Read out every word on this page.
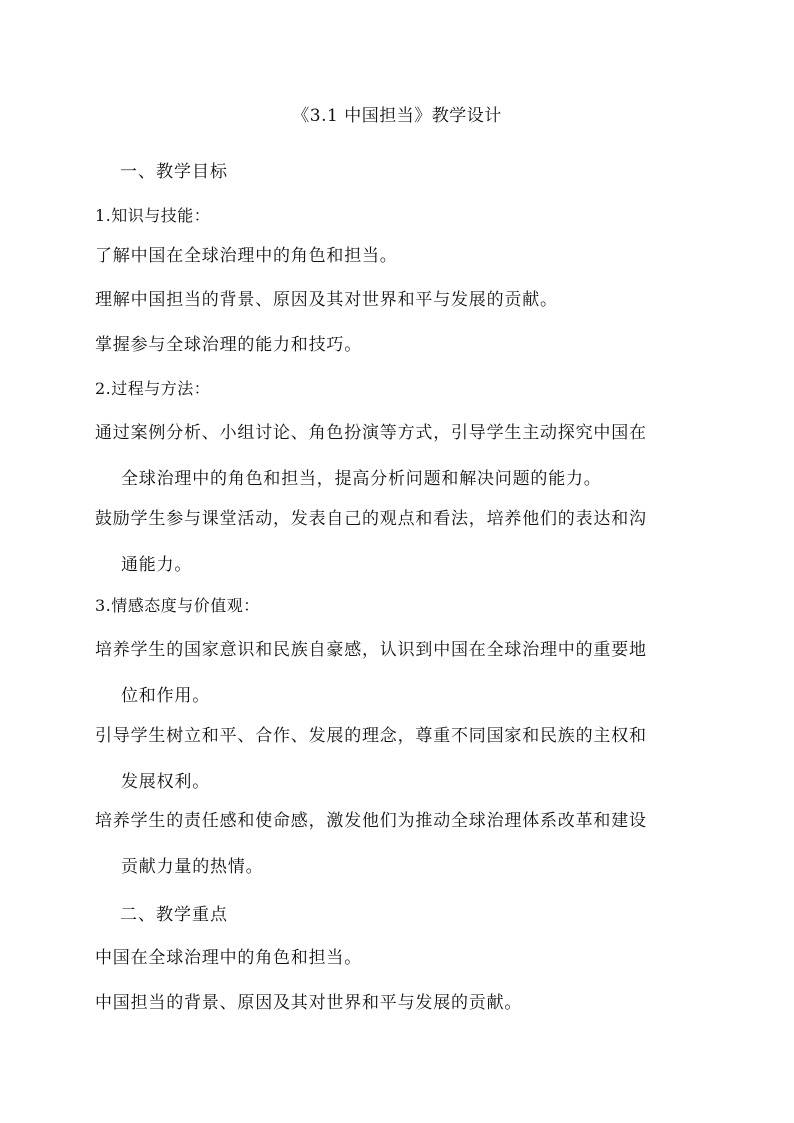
《3.1 中国担当》教学设计
一、教学目标
1.知识与技能：
了解中国在全球治理中的角色和担当。
理解中国担当的背景、原因及其对世界和平与发展的贡献。
掌握参与全球治理的能力和技巧。
2.过程与方法：
通过案例分析、小组讨论、角色扮演等方式，引导学生主动探究中国在
全球治理中的角色和担当，提高分析问题和解决问题的能力。
鼓励学生参与课堂活动，发表自己的观点和看法，培养他们的表达和沟
通能力。
3.情感态度与价值观：
培养学生的国家意识和民族自豪感，认识到中国在全球治理中的重要地
位和作用。
引导学生树立和平、合作、发展的理念，尊重不同国家和民族的主权和
发展权利。
培养学生的责任感和使命感，激发他们为推动全球治理体系改革和建设
贡献力量的热情。
二、教学重点
中国在全球治理中的角色和担当。
中国担当的背景、原因及其对世界和平与发展的贡献。
